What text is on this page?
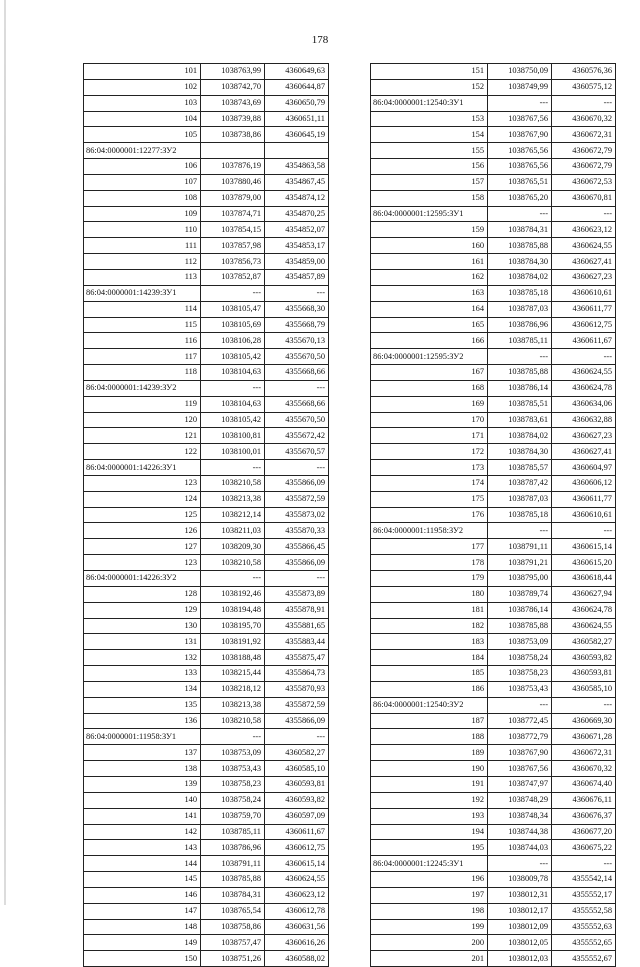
178
101	1038763,99	4360649,63
102	1038742,70	4360644,87
103	1038743,69	4360650,79
104	1038739,88	4360651,11
105	1038738,86	4360645,19
86:04:0000001:12277:ЗУ2		
106	1037876,19	4354863,58
107	1037880,46	4354867,45
108	1037879,00	4354874,12
109	1037874,71	4354870,25
110	1037854,15	4354852,07
111	1037857,98	4354853,17
112	1037856,73	4354859,00
113	1037852,87	4354857,89
86:04:0000001:14239:ЗУ1	---	---
114	1038105,47	4355668,30
115	1038105,69	4355668,79
116	1038106,28	4355670,13
117	1038105,42	4355670,50
118	1038104,63	4355668,66
86:04:0000001:14239:ЗУ2	---	---
119	1038104,63	4355668,66
120	1038105,42	4355670,50
121	1038100,81	4355672,42
122	1038100,01	4355670,57
86:04:0000001:14226:ЗУ1	---	---
123	1038210,58	4355866,09
124	1038213,38	4355872,59
125	1038212,14	4355873,02
126	1038211,03	4355870,33
127	1038209,30	4355866,45
123	1038210,58	4355866,09
86:04:0000001:14226:ЗУ2	---	---
128	1038192,46	4355873,89
129	1038194,48	4355878,91
130	1038195,70	4355881,65
131	1038191,92	4355883,44
132	1038188,48	4355875,47
133	1038215,44	4355864,73
134	1038218,12	4355870,93
135	1038213,38	4355872,59
136	1038210,58	4355866,09
86:04:0000001:11958:ЗУ1	---	---
137	1038753,09	4360582,27
138	1038753,43	4360585,10
139	1038758,23	4360593,81
140	1038758,24	4360593,82
141	1038759,70	4360597,09
142	1038785,11	4360611,67
143	1038786,96	4360612,75
144	1038791,11	4360615,14
145	1038785,88	4360624,55
146	1038784,31	4360623,12
147	1038765,54	4360612,78
148	1038758,86	4360631,56
149	1038757,47	4360616,26
150	1038751,26	4360588,02
151	1038750,09	4360576,36
152	1038749,99	4360575,12
86:04:0000001:12540:ЗУ1	---	---
153	1038767,56	4360670,32
154	1038767,90	4360672,31
155	1038765,56	4360672,79
156	1038765,56	4360672,79
157	1038765,51	4360672,53
158	1038765,20	4360670,81
86:04:0000001:12595:ЗУ1	---	---
159	1038784,31	4360623,12
160	1038785,88	4360624,55
161	1038784,30	4360627,41
162	1038784,02	4360627,23
163	1038785,18	4360610,61
164	1038787,03	4360611,77
165	1038786,96	4360612,75
166	1038785,11	4360611,67
86:04:0000001:12595:ЗУ2	---	---
167	1038785,88	4360624,55
168	1038786,14	4360624,78
169	1038785,51	4360634,06
170	1038783,61	4360632,88
171	1038784,02	4360627,23
172	1038784,30	4360627,41
173	1038785,57	4360604,97
174	1038787,42	4360606,12
175	1038787,03	4360611,77
176	1038785,18	4360610,61
86:04:0000001:11958:ЗУ2	---	---
177	1038791,11	4360615,14
178	1038791,21	4360615,20
179	1038795,00	4360618,44
180	1038789,74	4360627,94
181	1038786,14	4360624,78
182	1038785,88	4360624,55
183	1038753,09	4360582,27
184	1038758,24	4360593,82
185	1038758,23	4360593,81
186	1038753,43	4360585,10
86:04:0000001:12540:ЗУ2	---	---
187	1038772,45	4360669,30
188	1038772,79	4360671,28
189	1038767,90	4360672,31
190	1038767,56	4360670,32
191	1038747,97	4360674,40
192	1038748,29	4360676,11
193	1038748,34	4360676,37
194	1038744,38	4360677,20
195	1038744,03	4360675,22
86:04:0000001:12245:ЗУ1	---	---
196	1038009,78	4355542,14
197	1038012,31	4355552,17
198	1038012,17	4355552,58
199	1038012,09	4355552,63
200	1038012,05	4355552,65
201	1038012,03	4355552,67
